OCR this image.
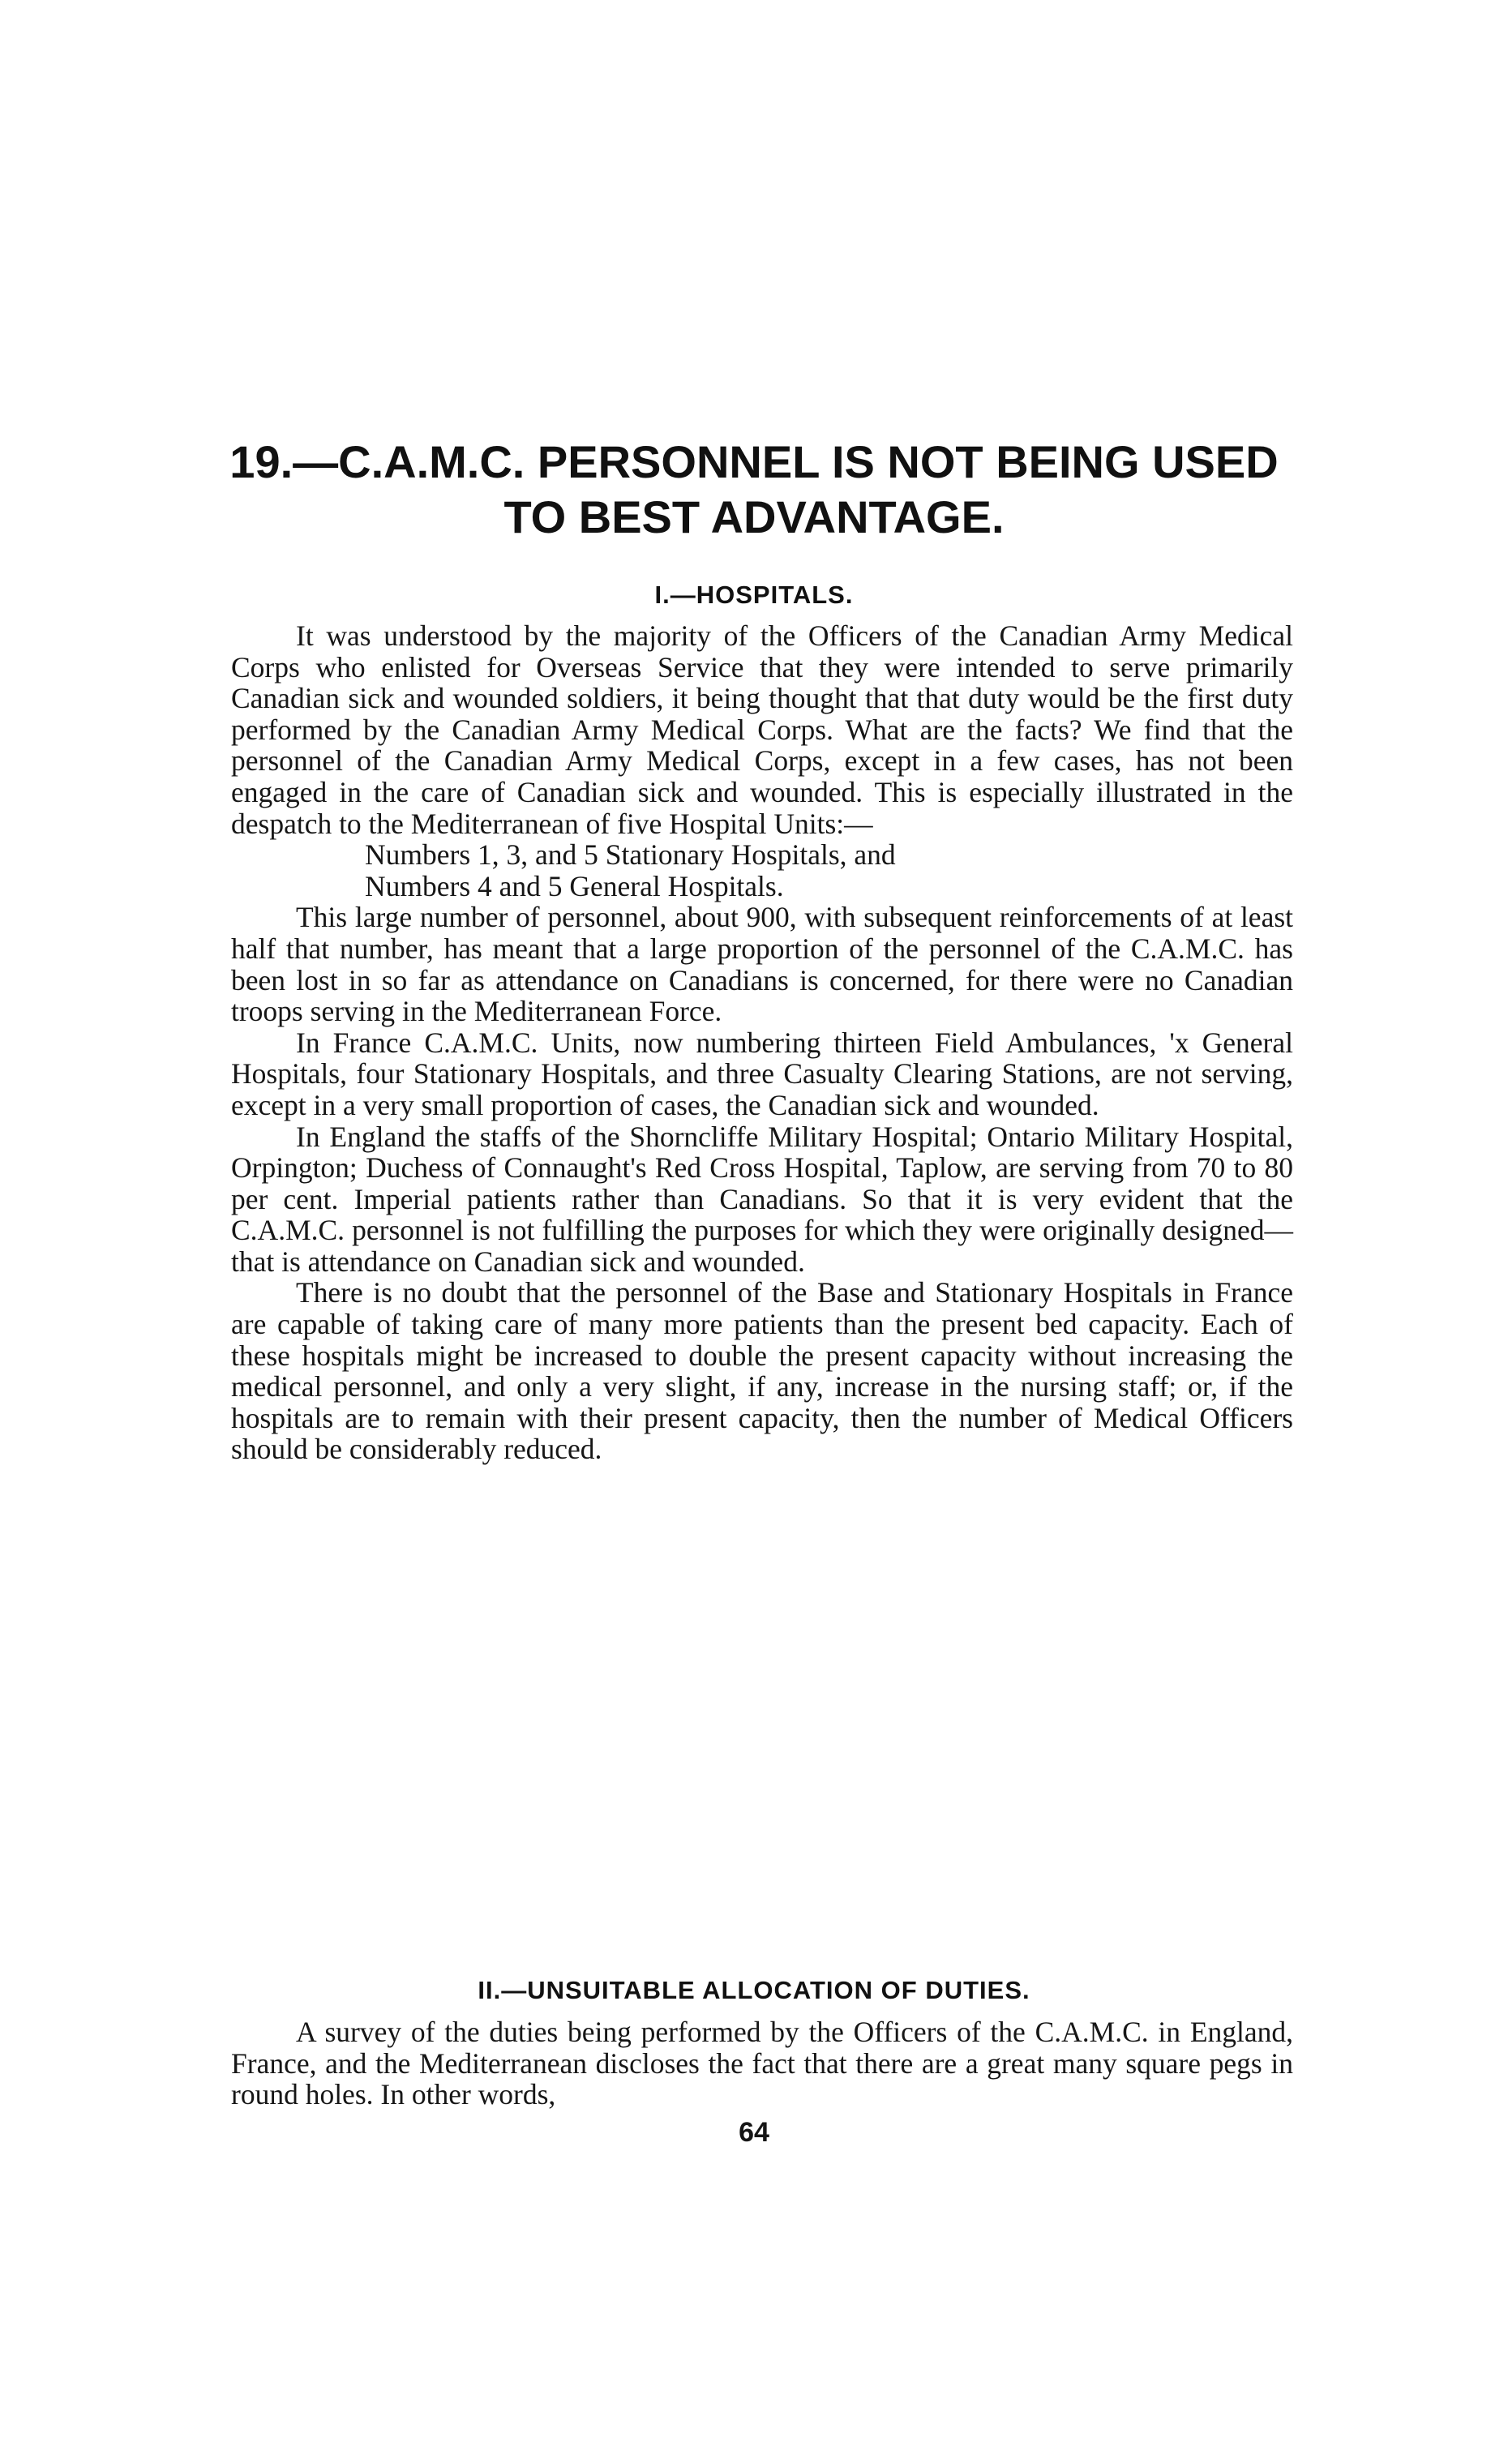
19.—C.A.M.C. PERSONNEL IS NOT BEING USED
TO BEST ADVANTAGE.
I.—HOSPITALS.

It was understood by the majority of the Officers of the Canadian Army Medical Corps who enlisted for Overseas Service that they were intended to serve primarily Canadian sick and wounded soldiers, it being thought that that duty would be the first duty performed by the Canadian Army Medical Corps. What are the facts? We find that the personnel of the Canadian Army Medical Corps, except in a few cases, has not been engaged in the care of Canadian sick and wounded. This is especially illustrated in the despatch to the Mediterranean of five Hospital Units:—

Numbers 1, 3, and 5 Stationary Hospitals, and
Numbers 4 and 5 General Hospitals.

This large number of personnel, about 900, with subsequent reinforcements of at least half that number, has meant that a large proportion of the personnel of the C.A.M.C. has been lost in so far as attendance on Canadians is concerned, for there were no Canadian troops serving in the Mediterranean Force.

In France C.A.M.C. Units, now numbering thirteen Field Ambulances, 'x General Hospitals, four Stationary Hospitals, and three Casualty Clearing Stations, are not serving, except in a very small proportion of cases, the Canadian sick and wounded.

In England the staffs of the Shorncliffe Military Hospital; Ontario Military Hospital, Orpington; Duchess of Connaught's Red Cross Hospital, Taplow, are serving from 70 to 80 per cent. Imperial patients rather than Canadians. So that it is very evident that the C.A.M.C. personnel is not fulfilling the purposes for which they were originally designed—that is attendance on Canadian sick and wounded.

There is no doubt that the personnel of the Base and Stationary Hospitals in France are capable of taking care of many more patients than the present bed capacity. Each of these hospitals might be increased to double the present capacity without increasing the medical personnel, and only a very slight, if any, increase in the nursing staff; or, if the hospitals are to remain with their present capacity, then the number of Medical Officers should be considerably reduced.

II.—UNSUITABLE ALLOCATION OF DUTIES.

A survey of the duties being performed by the Officers of the C.A.M.C. in England, France, and the Mediterranean discloses the fact that there are a great many square pegs in round holes. In other words,

64
